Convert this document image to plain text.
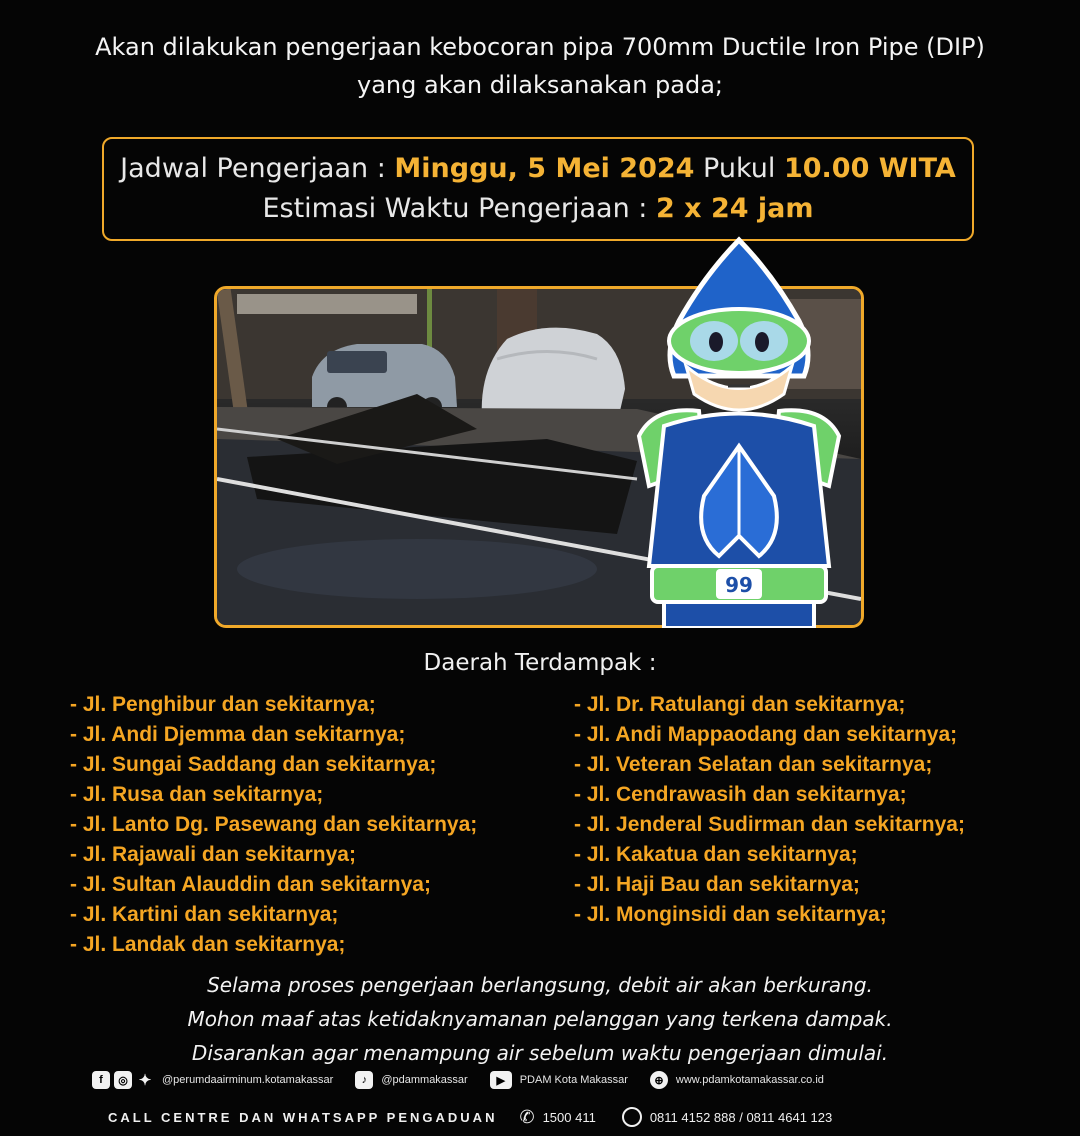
Akan dilakukan pengerjaan kebocoran pipa 700mm Ductile Iron Pipe (DIP)
yang akan dilaksanakan pada;
Jadwal Pengerjaan : Minggu, 5 Mei 2024 Pukul 10.00 WITA
Estimasi Waktu Pengerjaan : 2 x 24 jam
99
Daerah Terdampak :
- Jl. Penghibur dan sekitarnya;
- Jl. Andi Djemma dan sekitarnya;
- Jl. Sungai Saddang dan sekitarnya;
- Jl. Rusa dan sekitarnya;
- Jl. Lanto Dg. Pasewang dan sekitarnya;
- Jl. Rajawali dan sekitarnya;
- Jl. Sultan Alauddin dan sekitarnya;
- Jl. Kartini dan sekitarnya;
- Jl. Landak dan sekitarnya;
- Jl. Dr. Ratulangi dan sekitarnya;
- Jl. Andi Mappaodang dan sekitarnya;
- Jl. Veteran Selatan dan sekitarnya;
- Jl. Cendrawasih dan sekitarnya;
- Jl. Jenderal Sudirman dan sekitarnya;
- Jl. Kakatua dan sekitarnya;
- Jl. Haji Bau dan sekitarnya;
- Jl. Monginsidi dan sekitarnya;
Selama proses pengerjaan berlangsung, debit air akan berkurang.
Mohon maaf atas ketidaknyamanan pelanggan yang terkena dampak.
Disarankan agar menampung air sebelum waktu pengerjaan dimulai.
f	◎ ✦ @perumdaairminum.kotamakassar	♪	@pdammakassar	▶	PDAM Kota Makassar	⊕	www.pdamkotamakassar.co.id
CALL CENTRE DAN WHATSAPP PENGADUAN ✆ 1500 411	0811 4152 888 / 0811 4641 123
